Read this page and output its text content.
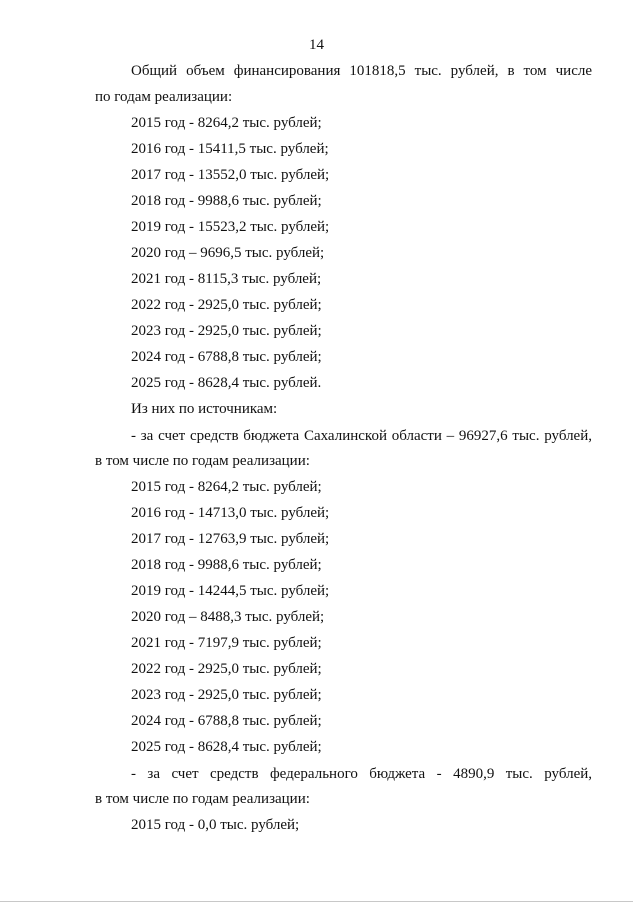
14
Общий объем финансирования 101818,5 тыс. рублей, в том числе
по годам реализации:
2015 год - 8264,2 тыс. рублей;
2016 год - 15411,5 тыс. рублей;
2017 год - 13552,0 тыс. рублей;
2018 год - 9988,6 тыс. рублей;
2019 год - 15523,2 тыс. рублей;
2020 год – 9696,5 тыс. рублей;
2021 год - 8115,3 тыс. рублей;
2022 год - 2925,0 тыс. рублей;
2023 год - 2925,0 тыс. рублей;
2024 год - 6788,8 тыс. рублей;
2025 год - 8628,4 тыс. рублей.
Из них по источникам:
- за счет средств бюджета Сахалинской области – 96927,6 тыс. рублей,
в том числе по годам реализации:
2015 год - 8264,2 тыс. рублей;
2016 год - 14713,0 тыс. рублей;
2017 год - 12763,9 тыс. рублей;
2018 год - 9988,6 тыс. рублей;
2019 год - 14244,5 тыс. рублей;
2020 год – 8488,3 тыс. рублей;
2021 год - 7197,9 тыс. рублей;
2022 год - 2925,0 тыс. рублей;
2023 год - 2925,0 тыс. рублей;
2024 год - 6788,8 тыс. рублей;
2025 год - 8628,4 тыс. рублей;
- за счет средств федерального бюджета - 4890,9 тыс. рублей,
в том числе по годам реализации:
2015 год - 0,0 тыс. рублей;
